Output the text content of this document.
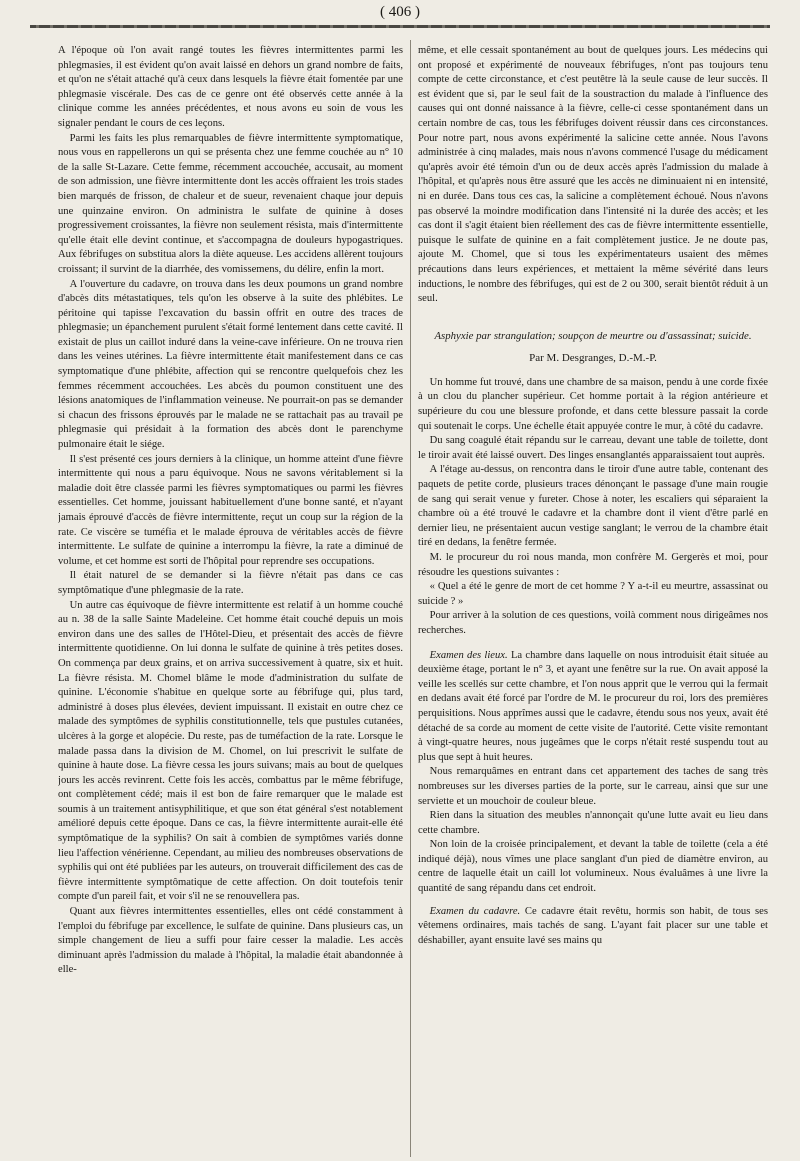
( 406 )

A l'époque où l'on avait rangé toutes les fièvres intermittentes parmi les phlegmasies, il est évident qu'on avait laissé en dehors un grand nombre de faits, et qu'on ne s'était attaché qu'à ceux dans lesquels la fièvre était fomentée par une phlegmasie viscérale. Des cas de ce genre ont été observés cette année à la clinique comme les années précédentes, et nous avons eu soin de vous les signaler pendant le cours de ces leçons.

Parmi les faits les plus remarquables de fièvre intermittente symptomatique, nous vous en rappellerons un qui se présenta chez une femme couchée au n° 10 de la salle St-Lazare. Cette femme, récemment accouchée, accusait, au moment de son admission, une fièvre intermittente dont les accès offraient les trois stades bien marqués de frisson, de chaleur et de sueur, revenaient chaque jour depuis une quinzaine environ. On administra le sulfate de quinine à doses progressivement croissantes, la fièvre non seulement résista, mais d'intermittente qu'elle était elle devint continue, et s'accompagna de douleurs hypogastriques. Aux fébrifuges on substitua alors la diète aqueuse. Les accidens allèrent toujours croissant; il survint de la diarrhée, des vomissemens, du délire, enfin la mort.

A l'ouverture du cadavre, on trouva dans les deux poumons un grand nombre d'abcès dits métastatiques, tels qu'on les observe à la suite des phlébites. Le péritoine qui tapisse l'excavation du bassin offrit en outre des traces de phlegmasie; un épanchement purulent s'était formé lentement dans cette cavité. Il existait de plus un caillot induré dans la veine-cave inférieure. On ne trouva rien dans les veines utérines. La fièvre intermittente était manifestement dans ce cas symptomatique d'une phlébite, affection qui se rencontre quelquefois chez les femmes récemment accouchées. Les abcès du poumon constituent une des lésions anatomiques de l'inflammation veineuse. Ne pourrait-on pas se demander si chacun des frissons éprouvés par le malade ne se rattachait pas au travail pe phlegmasie qui présidait à la formation des abcès dont le parenchyme pulmonaire était le siége.

Il s'est présenté ces jours derniers à la clinique, un homme atteint d'une fièvre intermittente qui nous a paru équivoque. Nous ne savons véritablement si la maladie doit être classée parmi les fièvres symptomatiques ou parmi les fièvres essentielles. Cet homme, jouissant habituellement d'une bonne santé, et n'ayant jamais éprouvé d'accès de fièvre intermittente, reçut un coup sur la région de la rate. Ce viscère se tuméfia et le malade éprouva de véritables accès de fièvre intermittente. Le sulfate de quinine a interrompu la fièvre, la rate a diminué de volume, et cet homme est sorti de l'hôpital pour reprendre ses occupations.

Il était naturel de se demander si la fièvre n'était pas dans ce cas symptômatique d'une phlegmasie de la rate.

Un autre cas équivoque de fièvre intermittente est relatif à un homme couché au n. 38 de la salle Sainte Madeleine. Cet homme était couché depuis un mois environ dans une des salles de l'Hôtel-Dieu, et présentait des accès de fièvre intermittente quotidienne. On lui donna le sulfate de quinine à très petites doses. On commença par deux grains, et on arriva successivement à quatre, six et huit. La fièvre résista. M. Chomel blâme le mode d'administration du sulfate de quinine. L'économie s'habitue en quelque sorte au fébrifuge qui, plus tard, administré à doses plus élevées, devient impuissant. Il existait en outre chez ce malade des symptômes de syphilis constitutionnelle, tels que pustules cutanées, ulcères à la gorge et alopécie. Du reste, pas de tuméfaction de la rate. Lorsque le malade passa dans la division de M. Chomel, on lui prescrivit le sulfate de quinine à haute dose. La fièvre cessa les jours suivans; mais au bout de quelques jours les accès revinrent. Cette fois les accès, combattus par le même fébrifuge, ont complètement cédé; mais il est bon de faire remarquer que le malade est soumis à un traitement antisyphilitique, et que son état général s'est notablement amélioré depuis cette époque. Dans ce cas, la fièvre intermittente aurait-elle été symptômatique de la syphilis? On sait à combien de symptômes variés donne lieu l'affection vénérienne. Cependant, au milieu des nombreuses observations de syphilis qui ont été publiées par les auteurs, on trouverait difficilement des cas de fièvre intermittente symptômatique de cette affection. On doit toutefois tenir compte d'un pareil fait, et voir s'il ne se renouvellera pas.

Quant aux fièvres intermittentes essentielles, elles ont cédé constamment à l'emploi du fébrifuge par excellence, le sulfate de quinine. Dans plusieurs cas, un simple changement de lieu a suffi pour faire cesser la maladie. Les accès diminuant après l'admission du malade à l'hôpital, la maladie était abandonnée à elle-

même, et elle cessait spontanément au bout de quelques jours. Les médecins qui ont proposé et expérimenté de nouveaux fébrifuges, n'ont pas toujours tenu compte de cette circonstance, et c'est peutêtre là la seule cause de leur succès. Il est évident que si, par le seul fait de la soustraction du malade à l'influence des causes qui ont donné naissance à la fièvre, celle-ci cesse spontanément dans un certain nombre de cas, tous les fébrifuges doivent réussir dans ces circonstances. Pour notre part, nous avons expérimenté la salicine cette année. Nous l'avons administrée à cinq malades, mais nous n'avons commencé l'usage du médicament qu'après avoir été témoin d'un ou de deux accès après l'admission du malade à l'hôpital, et qu'après nous être assuré que les accès ne diminuaient ni en intensité, ni en durée. Dans tous ces cas, la salicine a complètement échoué. Nous n'avons pas observé la moindre modification dans l'intensité ni la durée des accès; et les cas dont il s'agit étaient bien réellement des cas de fièvre intermittente essentielle, puisque le sulfate de quinine en a fait complètement justice. Je ne doute pas, ajoute M. Chomel, que si tous les expérimentateurs usaient des mêmes précautions dans leurs expériences, et mettaient la même sévérité dans leurs inductions, le nombre des fébrifuges, qui est de 2 ou 300, serait bientôt réduit à un seul.

Asphyxie par strangulation; soupçon de meurtre ou d'assassinat; suicide.

Par M. Desgranges, D.-M.-P.

Un homme fut trouvé, dans une chambre de sa maison, pendu à une corde fixée à un clou du plancher supérieur. Cet homme portait à la région antérieure et supérieure du cou une blessure profonde, et dans cette blessure passait la corde qui soutenait le corps. Une échelle était appuyée contre le mur, à côté du cadavre.

Du sang coagulé était répandu sur le carreau, devant une table de toilette, dont le tiroir avait été laissé ouvert. Des linges ensanglantés apparaissaient tout auprès.

A l'étage au-dessus, on rencontra dans le tiroir d'une autre table, contenant des paquets de petite corde, plusieurs traces dénonçant le passage d'une main rougie de sang qui serait venue y fureter. Chose à noter, les escaliers qui séparaient la chambre où a été trouvé le cadavre et la chambre dont il vient d'être parlé en dernier lieu, ne présentaient aucun vestige sanglant; le verrou de la chambre était tiré en dedans, la fenêtre fermée.

M. le procureur du roi nous manda, mon confrère M. Gergerès et moi, pour résoudre les questions suivantes :

« Quel a été le genre de mort de cet homme ? Y a-t-il eu meurtre, assassinat ou suicide ? »

Pour arriver à la solution de ces questions, voilà comment nous dirigeâmes nos recherches.

Examen des lieux. La chambre dans laquelle on nous introduisit était située au deuxième étage, portant le n° 3, et ayant une fenêtre sur la rue. On avait apposé la veille les scellés sur cette chambre, et l'on nous apprit que le verrou qui la fermait en dedans avait été forcé par l'ordre de M. le procureur du roi, lors des premières perquisitions. Nous apprîmes aussi que le cadavre, étendu sous nos yeux, avait été détaché de sa corde au moment de cette visite de l'autorité. Cette visite remontant à vingt-quatre heures, nous jugeâmes que le corps n'était resté suspendu tout au plus que sept à huit heures.

Nous remarquâmes en entrant dans cet appartement des taches de sang très nombreuses sur les diverses parties de la porte, sur le carreau, ainsi que sur une serviette et un mouchoir de couleur bleue.

Rien dans la situation des meubles n'annonçait qu'une lutte avait eu lieu dans cette chambre.

Non loin de la croisée principalement, et devant la table de toilette (cela a été indiqué déjà), nous vîmes une place sanglant d'un pied de diamètre environ, au centre de laquelle était un caill lot volumineux. Nous évaluâmes à une livre la quantité de sang répandu dans cet endroit.

Examen du cadavre. Ce cadavre était revêtu, hormis son habit, de tous ses vêtemens ordinaires, mais tachés de sang. L'ayant fait placer sur une table et déshabiller, ayant ensuite lavé ses mains qu
